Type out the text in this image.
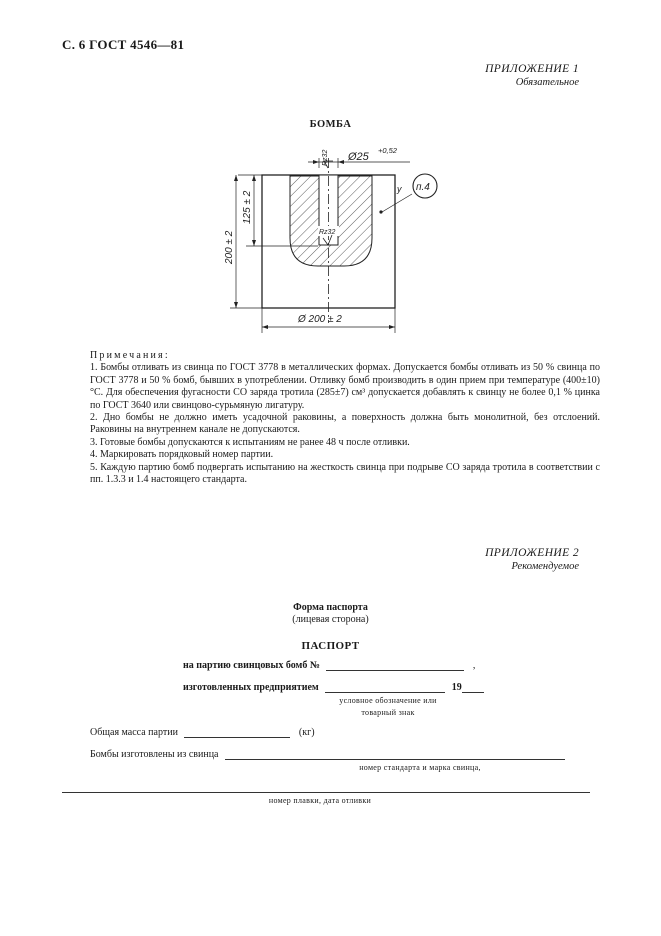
С. 6 ГОСТ 4546—81
ПРИЛОЖЕНИЕ 1
Обязательное
БОМБА
Rz32
Rz32
Ø25
+0,52
125 ± 2
200 ± 2
Ø 200 ± 2
п.4
y

Примечания:

1. Бомбы отливать из свинца по ГОСТ 3778 в металлических формах. Допускается бомбы отливать из 50 % свинца по ГОСТ 3778 и 50 % бомб, бывших в употреблении. Отливку бомб производить в один прием при температуре (400±10) °С. Для обеспечения фугасности СО заряда тротила (285±7) см³ допускается добавлять к свинцу не более 0,1 % цинка по ГОСТ 3640 или свинцово-сурьмяную лигатуру.

2. Дно бомбы не должно иметь усадочной раковины, а поверхность должна быть монолитной, без отслоений. Раковины на внутреннем канале не допускаются.

3. Готовые бомбы допускаются к испытаниям не ранее 48 ч после отливки.

4. Маркировать порядковый номер партии.

5. Каждую партию бомб подвергать испытанию на жесткость свинца при подрыве СО заряда тротила в соответствии с пп. 1.3.3 и 1.4 настоящего стандарта.

ПРИЛОЖЕНИЕ 2
Рекомендуемое
Форма паспорта
(лицевая сторона)
ПАСПОРТ
на партию свинцовых бомб №	,
изготовленных предприятием	19
условное обозначение или
товарный знак
Общая масса партии	(кг)
Бомбы изготовлены из свинца
номер стандарта и марка свинца,
номер плавки, дата отливки
